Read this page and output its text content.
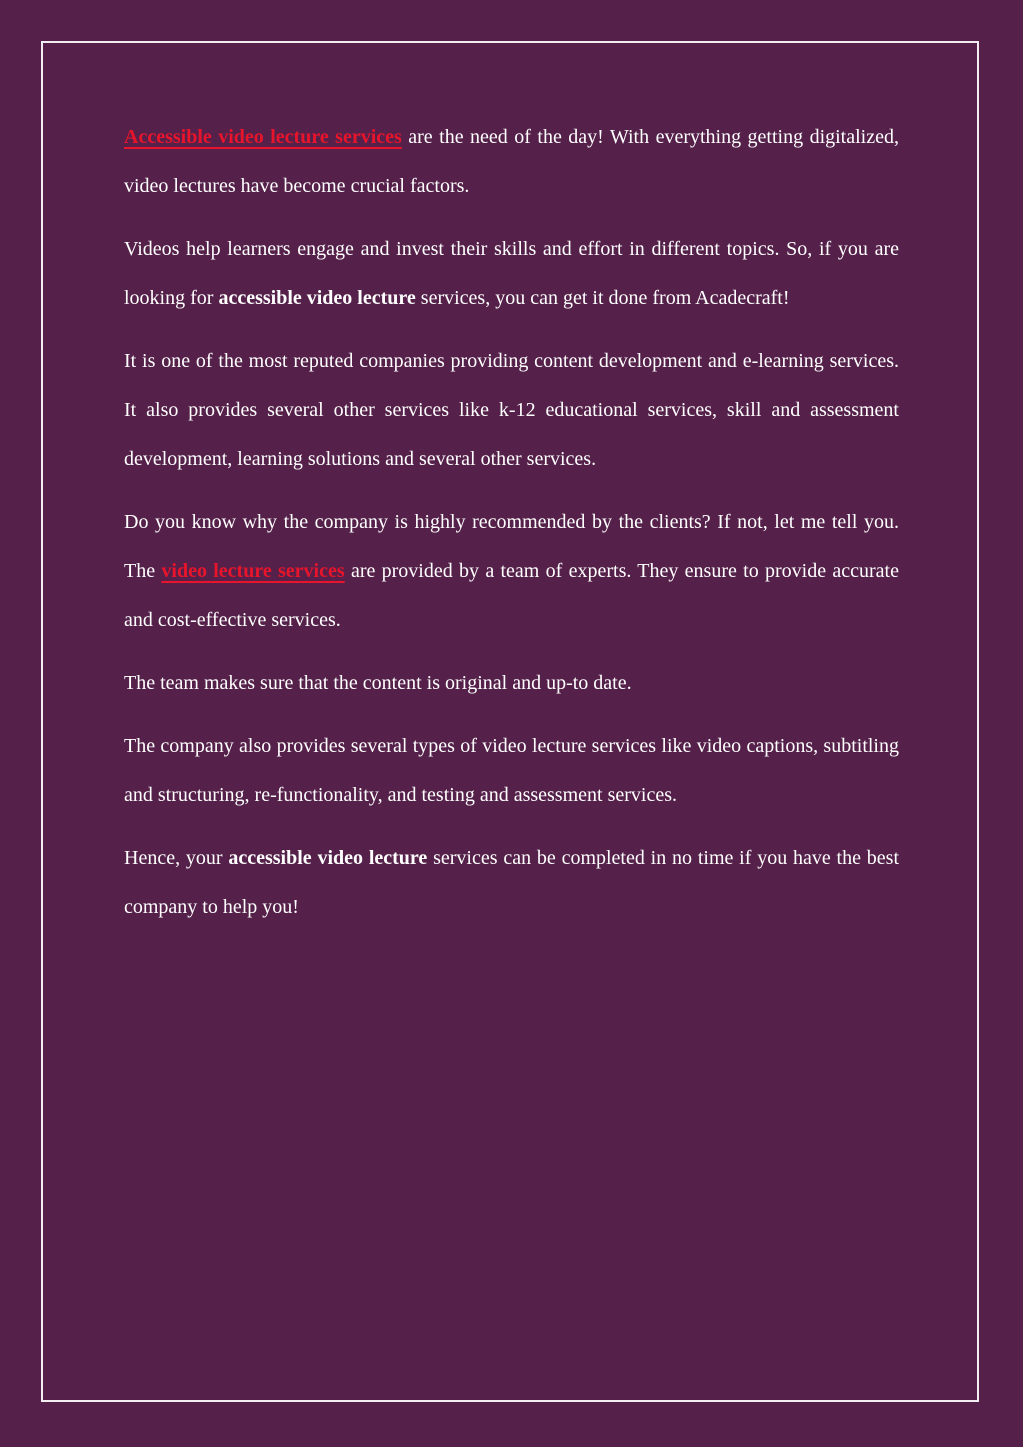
Accessible video lecture services are the need of the day! With everything getting digitalized, video lectures have become crucial factors.

Videos help learners engage and invest their skills and effort in different topics. So, if you are looking for accessible video lecture services, you can get it done from Acadecraft!

It is one of the most reputed companies providing content development and e-learning services. It also provides several other services like k-12 educational services, skill and assessment development, learning solutions and several other services.

Do you know why the company is highly recommended by the clients? If not, let me tell you. The video lecture services are provided by a team of experts. They ensure to provide accurate and cost-effective services.

The team makes sure that the content is original and up-to date.

The company also provides several types of video lecture services like video captions, subtitling and structuring, re-functionality, and testing and assessment services.

Hence, your accessible video lecture services can be completed in no time if you have the best company to help you!
